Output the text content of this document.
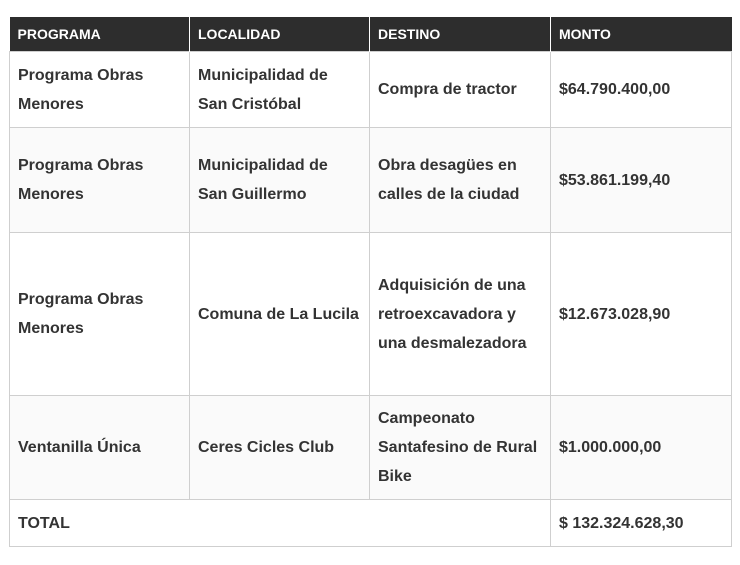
PROGRAMA	LOCALIDAD	DESTINO	MONTO
Programa Obras Menores	Municipalidad de San Cristóbal	Compra de tractor	$64.790.400,00
Programa Obras Menores	Municipalidad de San Guillermo	Obra desagües en calles de la ciudad	$53.861.199,40
Programa Obras Menores	Comuna de La Lucila	Adquisición de una retroexcavadora y una desmalezadora	$12.673.028,90
Ventanilla Única	Ceres Cicles Club	Campeonato Santafesino de Rural Bike	$1.000.000,00
TOTAL			$ 132.324.628,30
